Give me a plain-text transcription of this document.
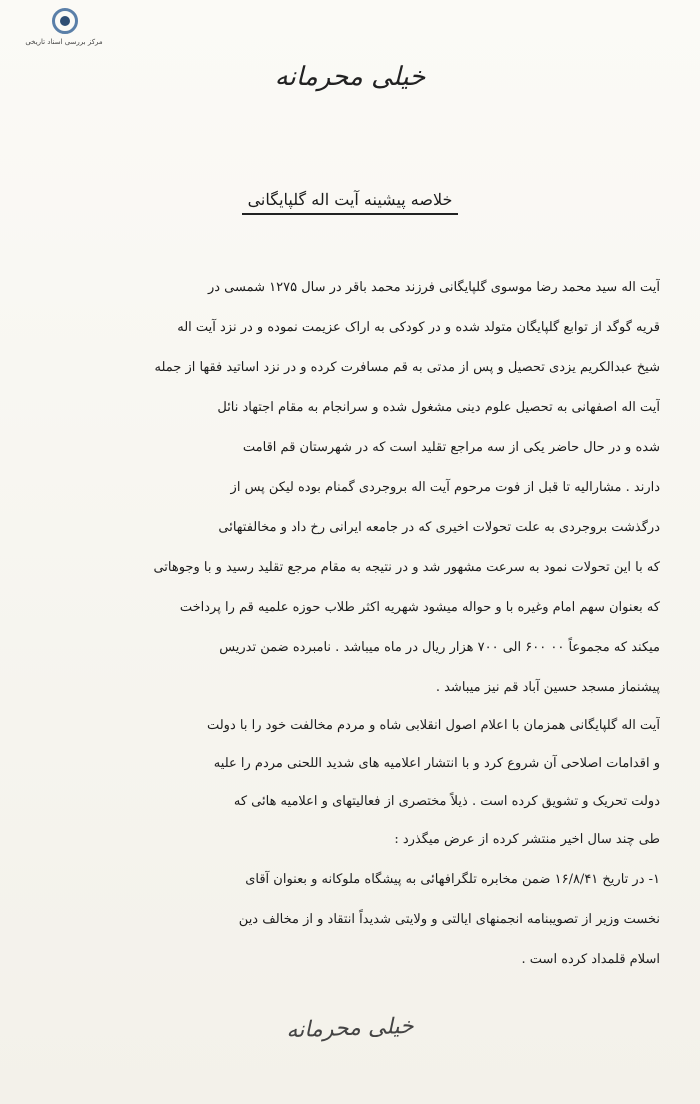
مرکز بررسی اسناد تاریخی
خیلی محرمانه
خلاصه پیشینه آیت اله گلپایگانی
آیت اله سید محمد رضا موسوی گلپایگانی فرزند محمد باقر در سال ۱۲۷۵ شمسی در
قریه گوگد از توابع گلپایگان متولد شده و در کودکی به اراک عزیمت نموده و در نزد آیت اله
شیخ عبدالکریم یزدی تحصیل و پس از مدتی به قم مسافرت کرده و در نزد اساتید فقها از جمله
آیت اله اصفهانی به تحصیل علوم دینی مشغول شده و سرانجام به مقام اجتهاد نائل
شده و در حال حاضر یکی از سه مراجع تقلید است که در شهرستان قم اقامت
دارند . مشارالیه تا قبل از فوت مرحوم آیت اله بروجردی گمنام بوده لیکن پس از
درگذشت بروجردی به علت تحولات اخیری که در جامعه ایرانی رخ داد و مخالفتهائی
که با این تحولات نمود به سرعت مشهور شد و در نتیجه به مقام مرجع تقلید رسید و با وجوهاتی
که بعنوان سهم امام وغیره با و حواله میشود شهریه اکثر طلاب حوزه علمیه قم را پرداخت
میکند که مجموعاً ۰۰ ۶۰۰ الی ۷۰۰ هزار ریال در ماه میباشد . نامبرده ضمن تدریس
پیشنماز مسجد حسین آباد قم نیز میباشد .
آیت اله گلپایگانی همزمان با اعلام اصول انقلابی شاه و مردم مخالفت خود را با دولت
و اقدامات اصلاحی آن شروع کرد و با انتشار اعلامیه های شدید اللحنی مردم را علیه
دولت تحریک و تشویق کرده است . ذیلاً مختصری از فعالیتهای و اعلامیه هائی که
طی چند سال اخیر منتشر کرده از عرض میگذرد :
۱- در تاریخ ۱۶/۸/۴۱ ضمن مخابره تلگرافهائی به پیشگاه ملوکانه و بعنوان آقای
نخست وزیر از تصویبنامه انجمنهای ایالتی و ولایتی شدیداً انتقاد و از مخالف دین
اسلام قلمداد کرده است .
خیلی محرمانه
